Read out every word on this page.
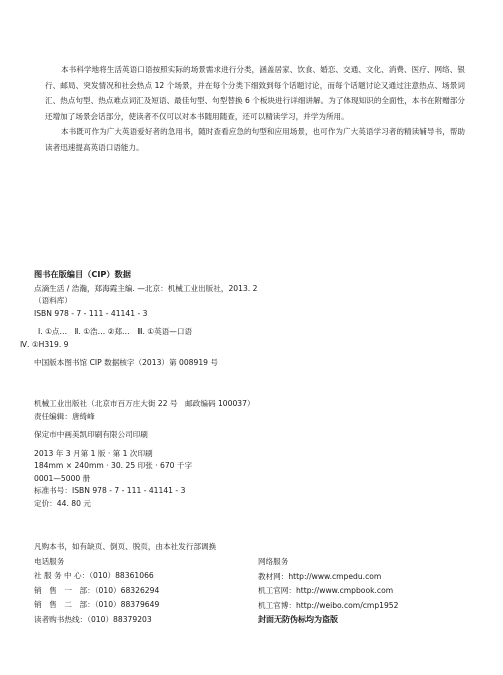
本书科学地将生活英语口语按照实际的场景需求进行分类，涵盖居家、饮食、婚恋、交通、文化、消费、医疗、网络、银行、邮局、突发情况和社会热点 12 个场景，并在每个分类下细致到每个话题讨论，而每个话题讨论又通过注意热点、场景词汇、热点句型、热点难点词汇及短语、最佳句型、句型替换 6 个板块进行详细讲解。为了体现知识的全面性，本书在附赠部分还增加了场景会话部分，使读者不仅可以对本书随用随查，还可以精读学习，并学为所用。

本书既可作为广大英语爱好者的急用书，随时查看应急的句型和应用场景，也可作为广大英语学习者的精读辅导书，帮助读者迅速提高英语口语能力。

图书在版编目（CIP）数据
点滴生活 / 浩瀚，郑海霞主编. —北京：机械工业出版社，2013. 2
（语料库）
ISBN 978 - 7 - 111 - 41141 - 3
Ⅰ. ①点…　Ⅱ. ①浩… ②郑…　Ⅲ. ①英语—口语
Ⅳ. ①H319. 9
中国版本图书馆 CIP 数据核字（2013）第 008919 号
机械工业出版社（北京市百万庄大街 22 号　邮政编码 100037）
责任编辑：唐绮峰
保定市中画美凯印刷有限公司印刷
2013 年 3 月第 1 版 · 第 1 次印刷
184mm × 240mm · 30. 25 印张 · 670 千字
0001—5000 册
标准书号：ISBN 978 - 7 - 111 - 41141 - 3
定价：44. 80 元
凡购本书，如有缺页、倒页、脱页，由本社发行部调换
电话服务
社 服 务 中 心：（010）88361066
销　售　一　部：（010）68326294
销　售　二　部：（010）88379649
读者购书热线：（010）88379203
网络服务
教材网：http://www.cmpedu.com
机工官网：http://www.cmpbook.com
机工官博：http://weibo.com/cmp1952
封面无防伪标均为盗版
